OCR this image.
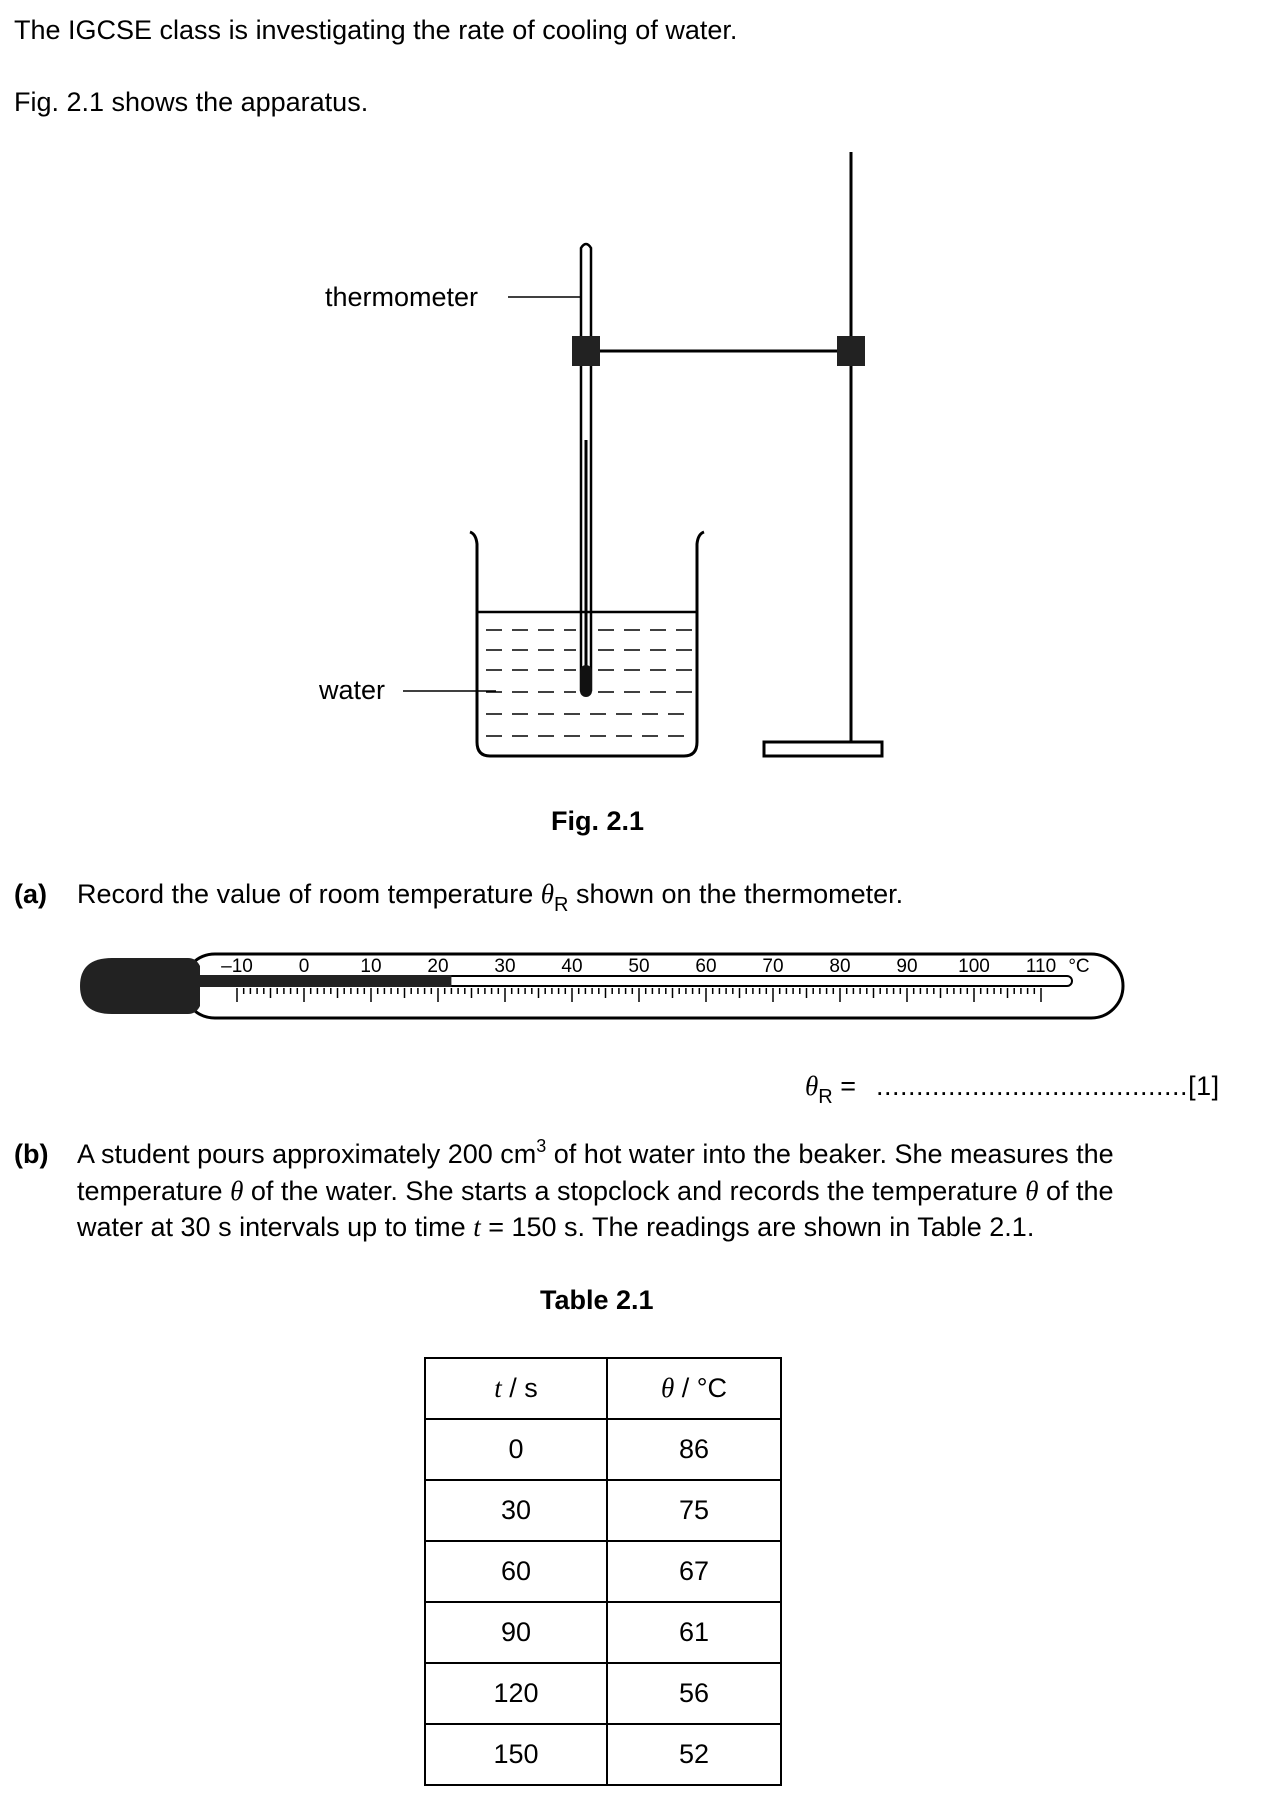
The IGCSE class is investigating the rate of cooling of water.
Fig. 2.1 shows the apparatus.
thermometer
water
Fig. 2.1
(a) Record the value of room temperature $\theta_R$ shown on the thermometer.
–10 0	10 20 30 40 50 60 70 80 90 100 110 °C
$\theta_R = .......................................[1]$
(b) A student pours approximately 200 $cm^3$ of hot water into the beaker. She measures the
temperature θ of the water. She starts a stopclock and records the temperature θ of the
water at 30 s intervals up to time t = 150 s. The readings are shown in Table 2.1.
Table 2.1
t / s	θ / °C
0	86
30	75
60	67
90	61
120	56
150	52
